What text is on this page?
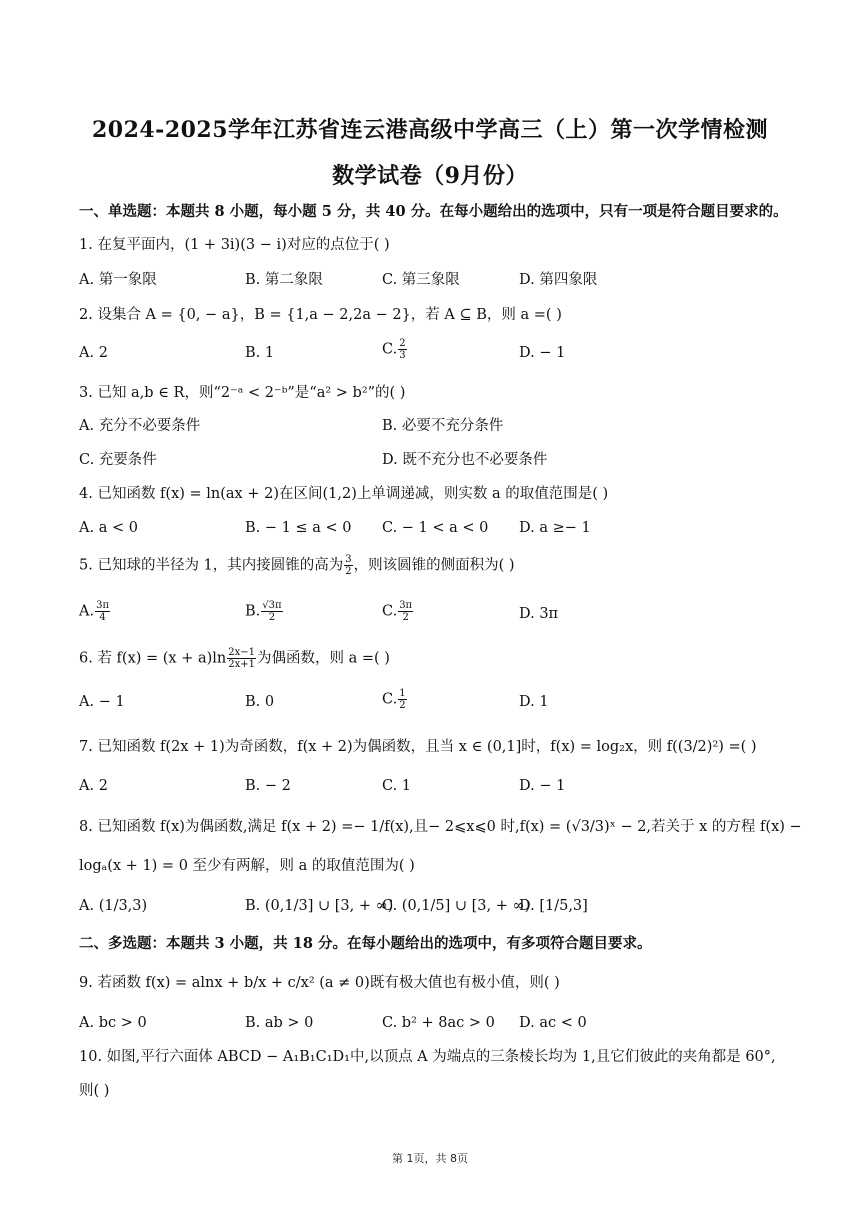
2024-2025学年江苏省连云港高级中学高三（上）第一次学情检测
数学试卷（9月份）
一、单选题：本题共 8 小题，每小题 5 分，共 40 分。在每小题给出的选项中，只有一项是符合题目要求的。
1. 在复平面内，(1 + 3i)(3 − i)对应的点位于( )
A. 第一象限	B. 第二象限	C. 第三象限	D. 第四象限
2. 设集合 A = {0, − a}，B = {1,a − 2,2a − 2}，若 A ⊆ B，则 a =( )
A. 2	B. 1	C. $\frac{2}{3}$	D. − 1
3. 已知 a,b ∈ R，则“2⁻ᵃ < 2⁻ᵇ”是“a² > b²”的( )
A. 充分不必要条件	B. 必要不充分条件
C. 充要条件	D. 既不充分也不必要条件
4. 已知函数 f(x) = ln(ax + 2)在区间(1,2)上单调递减，则实数 a 的取值范围是( )
A. a < 0	B. − 1 ≤ a < 0 C. − 1 < a < 0 D. a ≥− 1
5. 已知球的半径为 1，其内接圆锥的高为 $\frac{3}{2}$ ，则该圆锥的侧面积为( )
A. $\frac{3\pi}{4}$	B. $\frac{√3\pi}{2}$	C. $\frac{3\pi}{2}$	D. 3π
6. 若 $f(x) = (x + a)\ln \frac{2x-1}{2x+1}$ 为偶函数，则 a =( )
A. − 1	B. 0	C. $\frac{1}{2}$	D. 1
7. 已知函数 f(2x + 1)为奇函数，f(x + 2)为偶函数，且当 x ∈ (0,1]时，f(x) = log₂x，则 f((3/2)²) =( )
A. 2	B. − 2	C. 1	D. − 1
8. 已知函数 f(x)为偶函数,满足 f(x + 2) =− 1/f(x),且− 2⩽x⩽0 时,f(x) = (√3/3)ˣ − 2,若关于 x 的方程 f(x) −
logₐ(x + 1) = 0 至少有两解，则 a 的取值范围为( )
A. (1/3,3)	B. (0,1/3] ∪ [3, + ∞)
C. (0,1/5] ∪ [3, + ∞)
D. [1/5,3]
二、多选题：本题共 3 小题，共 18 分。在每小题给出的选项中，有多项符合题目要求。
9. 若函数 f(x) = alnx + b/x + c/x² (a ≠ 0)既有极大值也有极小值，则( )
A. bc > 0	B. ab > 0	C. b² + 8ac > 0 D. ac < 0
10. 如图,平行六面体 ABCD − A₁B₁C₁D₁中,以顶点 A 为端点的三条棱长均为 1,且它们彼此的夹角都是 60°,
则( )
第 1页，共 8页
